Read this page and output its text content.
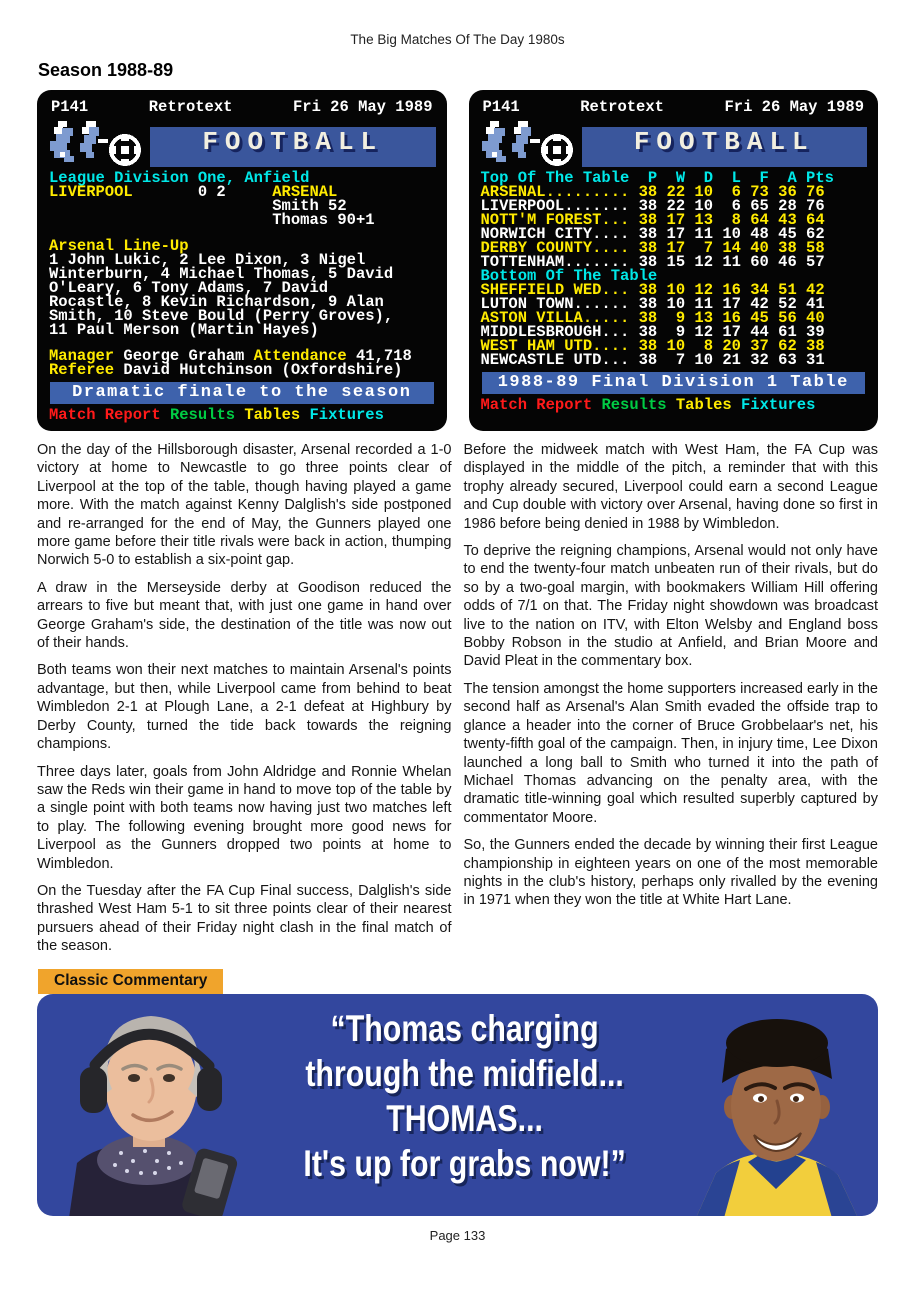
The Big Matches Of The Day 1980s
Season 1988-89
P141	Retrotext	Fri 26 May 1989
FOOTBALL
League Division One, Anfield
LIVERPOOL       0 2     ARSENAL
Smith 52
Thomas 90+1
Arsenal Line-Up
1 John Lukic, 2 Lee Dixon, 3 Nigel
Winterburn, 4 Michael Thomas, 5 David
O'Leary, 6 Tony Adams, 7 David
Rocastle, 8 Kevin Richardson, 9 Alan
Smith, 10 Steve Bould (Perry Groves),
11 Paul Merson (Martin Hayes)
Manager George Graham Attendance 41,718
Referee David Hutchinson (Oxfordshire)
Dramatic finale to the season
Match Report Results Tables Fixtures
P141	Retrotext	Fri 26 May 1989
FOOTBALL
Top Of The Table  P  W  D  L  F  A Pts
ARSENAL......... 38 22 10  6 73 36 76
LIVERPOOL....... 38 22 10  6 65 28 76
NOTT'M FOREST... 38 17 13  8 64 43 64
NORWICH CITY.... 38 17 11 10 48 45 62
DERBY COUNTY.... 38 17  7 14 40 38 58
TOTTENHAM....... 38 15 12 11 60 46 57
Bottom Of The Table
SHEFFIELD WED... 38 10 12 16 34 51 42
LUTON TOWN...... 38 10 11 17 42 52 41
ASTON VILLA..... 38  9 13 16 45 56 40
MIDDLESBROUGH... 38  9 12 17 44 61 39
WEST HAM UTD.... 38 10  8 20 37 62 38
NEWCASTLE UTD... 38  7 10 21 32 63 31
1988-89 Final Division 1 Table
Match Report Results Tables Fixtures

On the day of the Hillsborough disaster, Arsenal recorded a 1-0 victory at home to Newcastle to go three points clear of Liverpool at the top of the table, though having played a game more. With the match against Kenny Dalglish's side postponed and re-arranged for the end of May, the Gunners played one more game before their title rivals were back in action, thumping Norwich 5-0 to establish a six-point gap.

A draw in the Merseyside derby at Goodison reduced the arrears to five but meant that, with just one game in hand over George Graham's side, the destination of the title was now out of their hands.

Both teams won their next matches to maintain Arsenal's points advantage, but then, while Liverpool came from behind to beat Wimbledon 2-1 at Plough Lane, a 2-1 defeat at Highbury by Derby County, turned the tide back towards the reigning champions.

Three days later, goals from John Aldridge and Ronnie Whelan saw the Reds win their game in hand to move top of the table by a single point with both teams now having just two matches left to play. The following evening brought more good news for Liverpool as the Gunners dropped two points at home to Wimbledon.

On the Tuesday after the FA Cup Final success, Dalglish's side thrashed West Ham 5-1 to sit three points clear of their nearest pursuers ahead of their Friday night clash in the final match of the season.

Before the midweek match with West Ham, the FA Cup was displayed in the middle of the pitch, a reminder that with this trophy already secured, Liverpool could earn a second League and Cup double with victory over Arsenal, having done so first in 1986 before being denied in 1988 by Wimbledon.

To deprive the reigning champions, Arsenal would not only have to end the twenty-four match unbeaten run of their rivals, but do so by a two-goal margin, with bookmakers William Hill offering odds of 7/1 on that. The Friday night showdown was broadcast live to the nation on ITV, with Elton Welsby and England boss Bobby Robson in the studio at Anfield, and Brian Moore and David Pleat in the commentary box.

The tension amongst the home supporters increased early in the second half as Arsenal's Alan Smith evaded the offside trap to glance a header into the corner of Bruce Grobbelaar's net, his twenty-fifth goal of the campaign. Then, in injury time, Lee Dixon launched a long ball to Smith who turned it into the path of Michael Thomas advancing on the penalty area, with the dramatic title-winning goal which resulted superbly captured by commentator Moore.

So, the Gunners ended the decade by winning their first League championship in eighteen years on one of the most memorable nights in the club's history, perhaps only rivalled by the evening in 1971 when they won the title at White Hart Lane.

Classic Commentary
“Thomas charging
through the midfield...
THOMAS...
It's up for grabs now!”
Page 133
